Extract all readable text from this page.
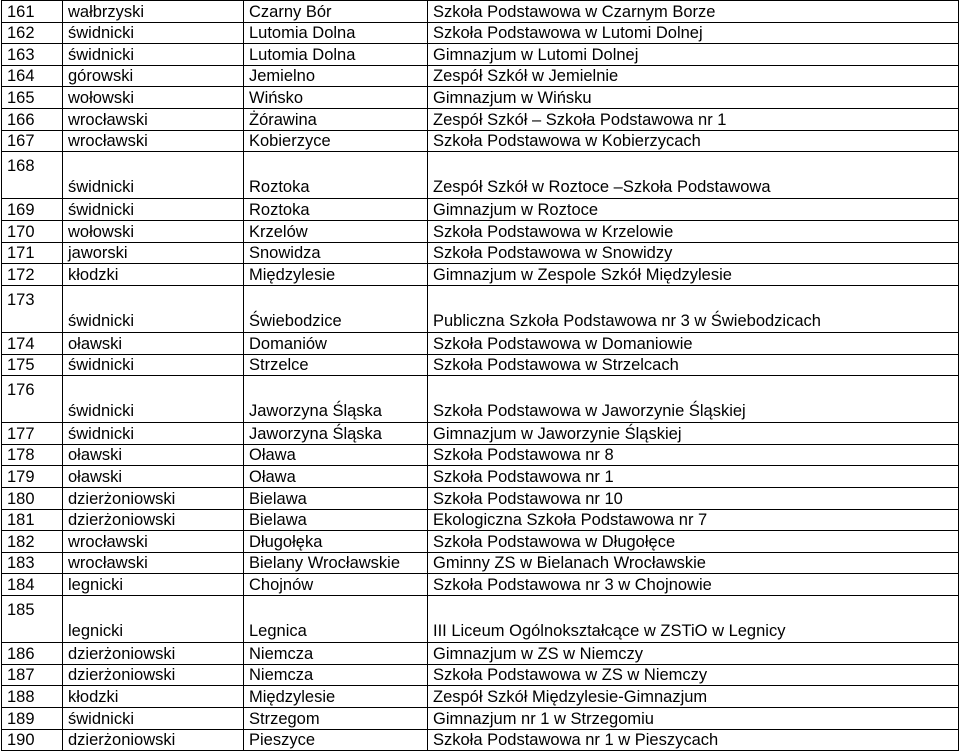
161	wałbrzyski	Czarny Bór	Szkoła Podstawowa w Czarnym Borze
162	świdnicki	Lutomia Dolna	Szkoła Podstawowa w Lutomi Dolnej
163	świdnicki	Lutomia Dolna	Gimnazjum w Lutomi Dolnej
164	górowski	Jemielno	Zespół Szkół w Jemielnie
165	wołowski	Wińsko	Gimnazjum w Wińsku
166	wrocławski	Żórawina	Zespół Szkół – Szkoła Podstawowa nr 1
167	wrocławski	Kobierzyce	Szkoła Podstawowa w Kobierzycach
168	świdnicki	Roztoka	Zespół Szkół w Roztoce –Szkoła Podstawowa
169	świdnicki	Roztoka	Gimnazjum w Roztoce
170	wołowski	Krzelów	Szkoła Podstawowa w Krzelowie
171	jaworski	Snowidza	Szkoła Podstawowa w Snowidzy
172	kłodzki	Międzylesie	Gimnazjum w Zespole Szkół Międzylesie
173	świdnicki	Świebodzice	Publiczna Szkoła Podstawowa nr 3 w Świebodzicach
174	oławski	Domaniów	Szkoła Podstawowa w Domaniowie
175	świdnicki	Strzelce	Szkoła Podstawowa w Strzelcach
176	świdnicki	Jaworzyna Śląska	Szkoła Podstawowa w Jaworzynie Śląskiej
177	świdnicki	Jaworzyna Śląska	Gimnazjum w Jaworzynie Śląskiej
178	oławski	Oława	Szkoła Podstawowa nr 8
179	oławski	Oława	Szkoła Podstawowa nr 1
180	dzierżoniowski	Bielawa	Szkoła Podstawowa nr 10
181	dzierżoniowski	Bielawa	Ekologiczna Szkoła Podstawowa nr 7
182	wrocławski	Długołęka	Szkoła Podstawowa w Długołęce
183	wrocławski	Bielany Wrocławskie	Gminny ZS w Bielanach Wrocławskie
184	legnicki	Chojnów	Szkoła Podstawowa nr 3 w Chojnowie
185	legnicki	Legnica	III Liceum Ogólnokształcące w ZSTiO w Legnicy
186	dzierżoniowski	Niemcza	Gimnazjum w ZS w Niemczy
187	dzierżoniowski	Niemcza	Szkoła Podstawowa w ZS w Niemczy
188	kłodzki	Międzylesie	Zespół Szkół Międzylesie-Gimnazjum
189	świdnicki	Strzegom	Gimnazjum nr 1 w Strzegomiu
190	dzierżoniowski	Pieszyce	Szkoła Podstawowa nr 1 w Pieszycach
